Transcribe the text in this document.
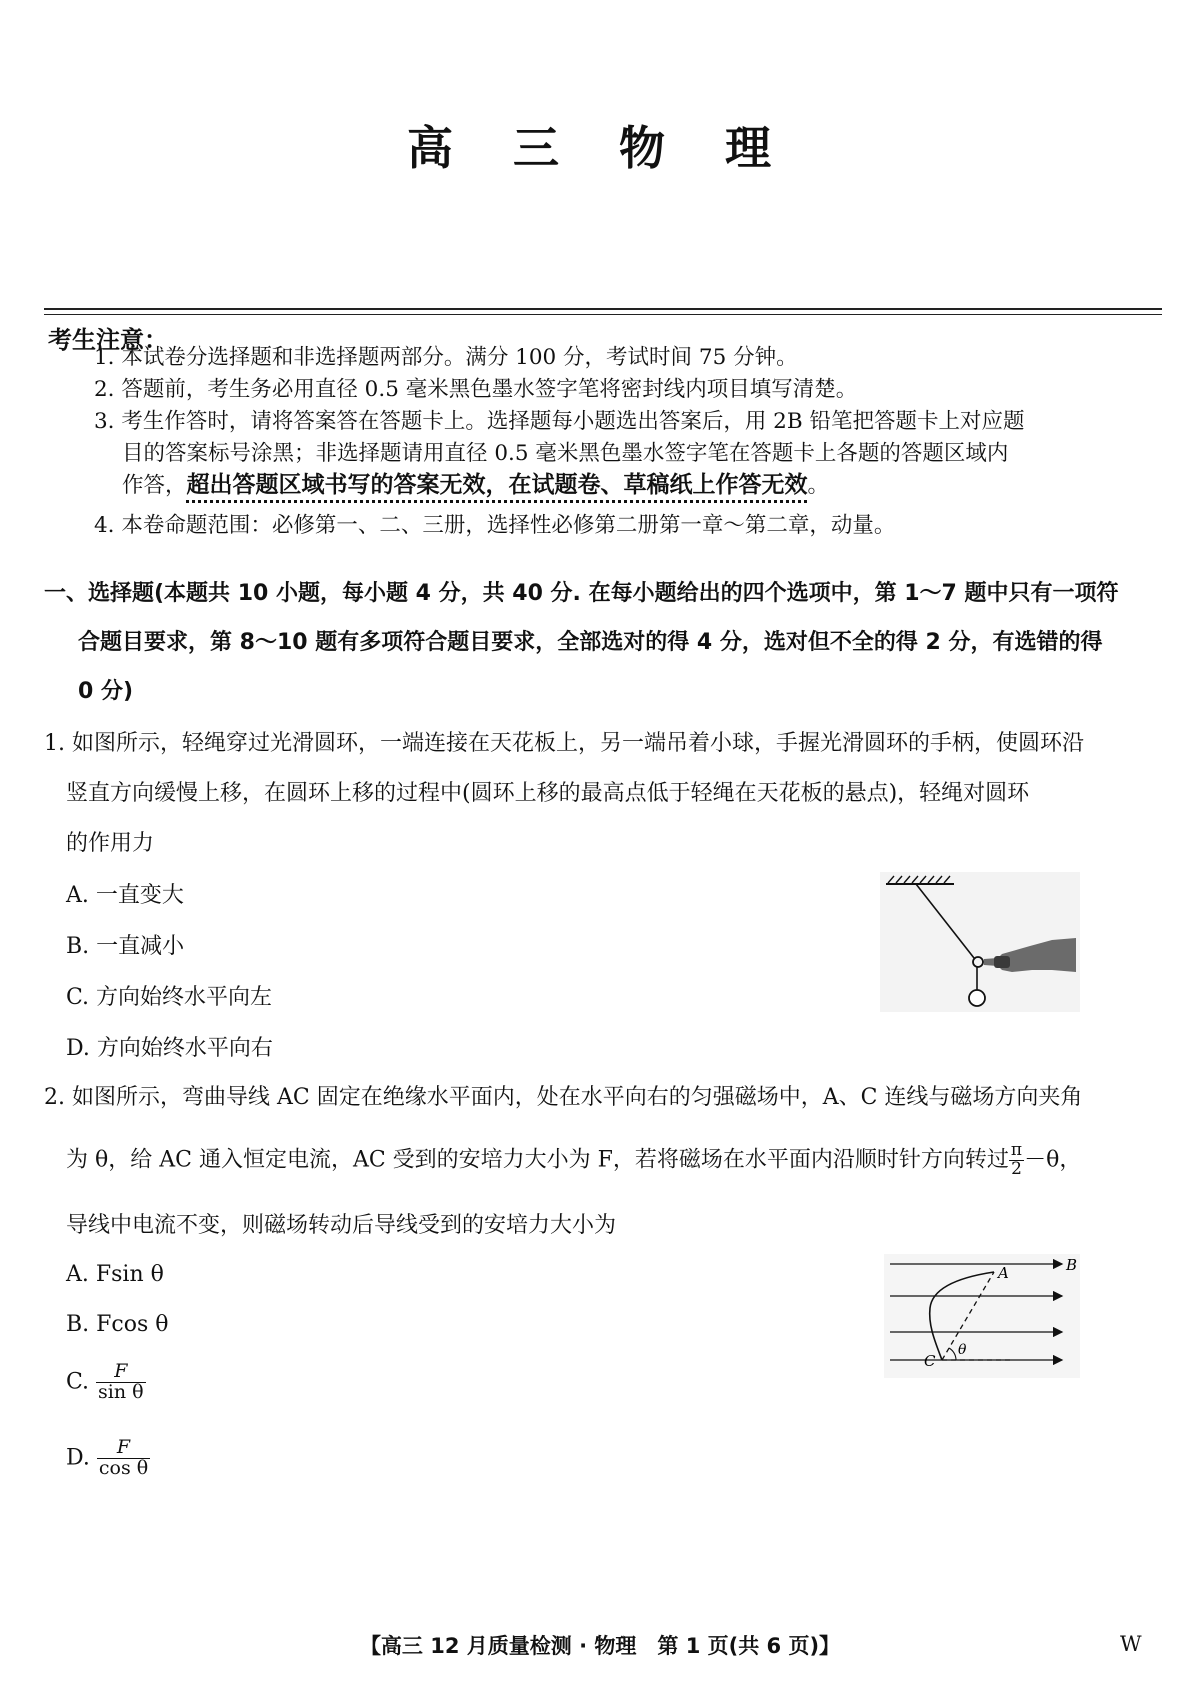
高 三 物 理
考生注意：
1. 本试卷分选择题和非选择题两部分。满分 100 分，考试时间 75 分钟。
2. 答题前，考生务必用直径 0.5 毫米黑色墨水签字笔将密封线内项目填写清楚。
3. 考生作答时，请将答案答在答题卡上。选择题每小题选出答案后，用 2B 铅笔把答题卡上对应题
目的答案标号涂黑；非选择题请用直径 0.5 毫米黑色墨水签字笔在答题卡上各题的答题区域内
作答，超出答题区域书写的答案无效，在试题卷、草稿纸上作答无效。
4. 本卷命题范围：必修第一、二、三册，选择性必修第二册第一章～第二章，动量。
一、选择题(本题共 10 小题，每小题 4 分，共 40 分. 在每小题给出的四个选项中，第 1～7 题中只有一项符
合题目要求，第 8～10 题有多项符合题目要求，全部选对的得 4 分，选对但不全的得 2 分，有选错的得
0 分)
1. 如图所示，轻绳穿过光滑圆环，一端连接在天花板上，另一端吊着小球，手握光滑圆环的手柄，使圆环沿
竖直方向缓慢上移，在圆环上移的过程中(圆环上移的最高点低于轻绳在天花板的悬点)，轻绳对圆环
的作用力
A. 一直变大
B. 一直减小
C. 方向始终水平向左
D. 方向始终水平向右
2. 如图所示，弯曲导线 AC 固定在绝缘水平面内，处在水平向右的匀强磁场中，A、C 连线与磁场方向夹角
为 θ，给 AC 通入恒定电流，AC 受到的安培力大小为 F，若将磁场在水平面内沿顺时针方向转过 $\frac{\pi}{2} -\theta$，
导线中电流不变，则磁场转动后导线受到的安培力大小为
A. Fsin θ
B. Fcos θ
C. $\frac{F}{\text{sin θ}}$
D. $\frac{F}{\text{cos θ}}$
B
A
C
θ
【高三 12 月质量检测 · 物理　第 1 页(共 6 页)】	W
